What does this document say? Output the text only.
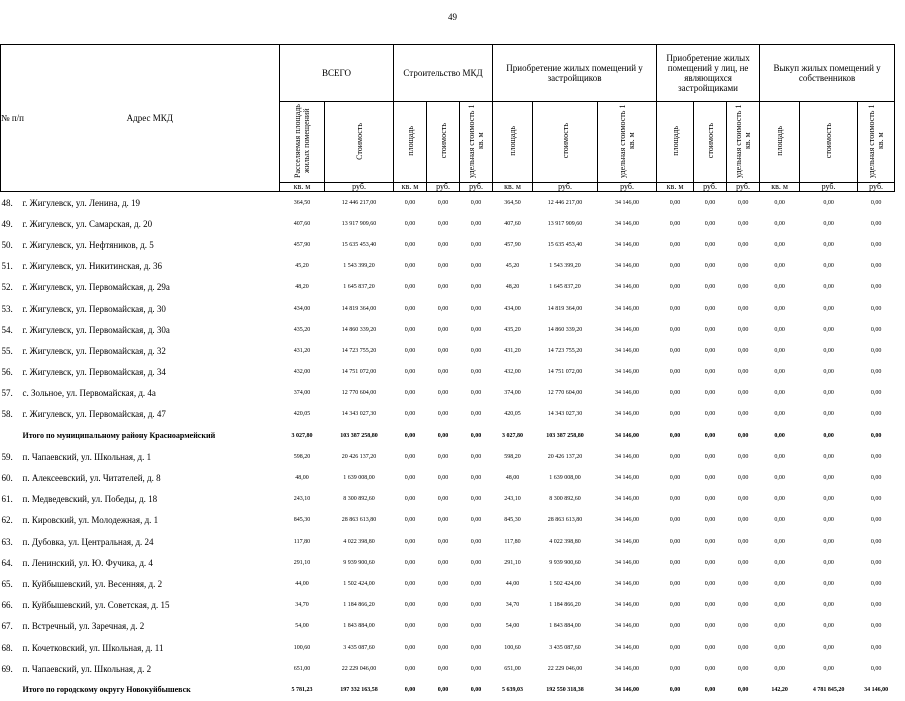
49
№ п/п	Адрес МКД	ВСЕГО		Строительство МКД			Приобретение жилых помещений у застройщиков			Приобретение жилых помещений у лиц, не являющихся застройщиками			Выкуп жилых помещений у собственников		
		Расселяемая площадь жилых помещений	Стоимость	площадь	стоимость	удельная стоимость 1 кв. м	площадь	стоимость	удельная стоимость 1 кв. м	площадь	стоимость	удельная стоимость 1 кв. м	площадь	стоимость	удельная стоимость 1 кв. м
		кв. м	руб.	кв. м	руб.	руб.	кв. м	руб.	руб.	кв. м	руб.	руб.	кв. м	руб.	руб.
48.	г. Жигулевск, ул. Ленина, д. 19	364,50	12 446 217,00	0,00	0,00	0,00	364,50	12 446 217,00	34 146,00	0,00	0,00	0,00	0,00	0,00	0,00
49.	г. Жигулевск, ул. Самарская, д. 20	407,60	13 917 909,60	0,00	0,00	0,00	407,60	13 917 909,60	34 146,00	0,00	0,00	0,00	0,00	0,00	0,00
50.	г. Жигулевск, ул. Нефтяников, д. 5	457,90	15 635 453,40	0,00	0,00	0,00	457,90	15 635 453,40	34 146,00	0,00	0,00	0,00	0,00	0,00	0,00
51.	г. Жигулевск, ул. Никитинская, д. 36	45,20	1 543 399,20	0,00	0,00	0,00	45,20	1 543 399,20	34 146,00	0,00	0,00	0,00	0,00	0,00	0,00
52.	г. Жигулевск, ул. Первомайская, д. 29а	48,20	1 645 837,20	0,00	0,00	0,00	48,20	1 645 837,20	34 146,00	0,00	0,00	0,00	0,00	0,00	0,00
53.	г. Жигулевск, ул. Первомайская, д. 30	434,00	14 819 364,00	0,00	0,00	0,00	434,00	14 819 364,00	34 146,00	0,00	0,00	0,00	0,00	0,00	0,00
54.	г. Жигулевск, ул. Первомайская, д. 30а	435,20	14 860 339,20	0,00	0,00	0,00	435,20	14 860 339,20	34 146,00	0,00	0,00	0,00	0,00	0,00	0,00
55.	г. Жигулевск, ул. Первомайская, д. 32	431,20	14 723 755,20	0,00	0,00	0,00	431,20	14 723 755,20	34 146,00	0,00	0,00	0,00	0,00	0,00	0,00
56.	г. Жигулевск, ул. Первомайская, д. 34	432,00	14 751 072,00	0,00	0,00	0,00	432,00	14 751 072,00	34 146,00	0,00	0,00	0,00	0,00	0,00	0,00
57.	с. Зольное, ул. Первомайская, д. 4а	374,00	12 770 604,00	0,00	0,00	0,00	374,00	12 770 604,00	34 146,00	0,00	0,00	0,00	0,00	0,00	0,00
58.	г. Жигулевск, ул. Первомайская, д. 47	420,05	14 343 027,30	0,00	0,00	0,00	420,05	14 343 027,30	34 146,00	0,00	0,00	0,00	0,00	0,00	0,00
	Итого по муниципальному району Красноармейский	3 027,80	103 387 258,80	0,00	0,00	0,00	3 027,80	103 387 258,80	34 146,00	0,00	0,00	0,00	0,00	0,00	0,00
59.	п. Чапаевский, ул. Школьная, д. 1	598,20	20 426 137,20	0,00	0,00	0,00	598,20	20 426 137,20	34 146,00	0,00	0,00	0,00	0,00	0,00	0,00
60.	п. Алексеевский, ул. Читателей, д. 8	48,00	1 639 008,00	0,00	0,00	0,00	48,00	1 639 008,00	34 146,00	0,00	0,00	0,00	0,00	0,00	0,00
61.	п. Медведевский, ул. Победы, д. 18	243,10	8 300 892,60	0,00	0,00	0,00	243,10	8 300 892,60	34 146,00	0,00	0,00	0,00	0,00	0,00	0,00
62.	п. Кировский, ул. Молодежная, д. 1	845,30	28 863 613,80	0,00	0,00	0,00	845,30	28 863 613,80	34 146,00	0,00	0,00	0,00	0,00	0,00	0,00
63.	п. Дубовка, ул. Центральная, д. 24	117,80	4 022 398,80	0,00	0,00	0,00	117,80	4 022 398,80	34 146,00	0,00	0,00	0,00	0,00	0,00	0,00
64.	п. Ленинский, ул. Ю. Фучика, д. 4	291,10	9 939 900,60	0,00	0,00	0,00	291,10	9 939 900,60	34 146,00	0,00	0,00	0,00	0,00	0,00	0,00
65.	п. Куйбышевский, ул. Весенняя, д. 2	44,00	1 502 424,00	0,00	0,00	0,00	44,00	1 502 424,00	34 146,00	0,00	0,00	0,00	0,00	0,00	0,00
66.	п. Куйбышевский, ул. Советская, д. 15	34,70	1 184 866,20	0,00	0,00	0,00	34,70	1 184 866,20	34 146,00	0,00	0,00	0,00	0,00	0,00	0,00
67.	п. Встречный, ул. Заречная, д. 2	54,00	1 843 884,00	0,00	0,00	0,00	54,00	1 843 884,00	34 146,00	0,00	0,00	0,00	0,00	0,00	0,00
68.	п. Кочетковский, ул. Школьная, д. 11	100,60	3 435 087,60	0,00	0,00	0,00	100,60	3 435 087,60	34 146,00	0,00	0,00	0,00	0,00	0,00	0,00
69.	п. Чапаевский, ул. Школьная, д. 2	651,00	22 229 046,00	0,00	0,00	0,00	651,00	22 229 046,00	34 146,00	0,00	0,00	0,00	0,00	0,00	0,00
	Итого по городскому округу Новокуйбышевск	5 781,23	197 332 163,58	0,00	0,00	0,00	5 639,03	192 550 318,38	34 146,00	0,00	0,00	0,00	142,20	4 781 845,20	34 146,00
